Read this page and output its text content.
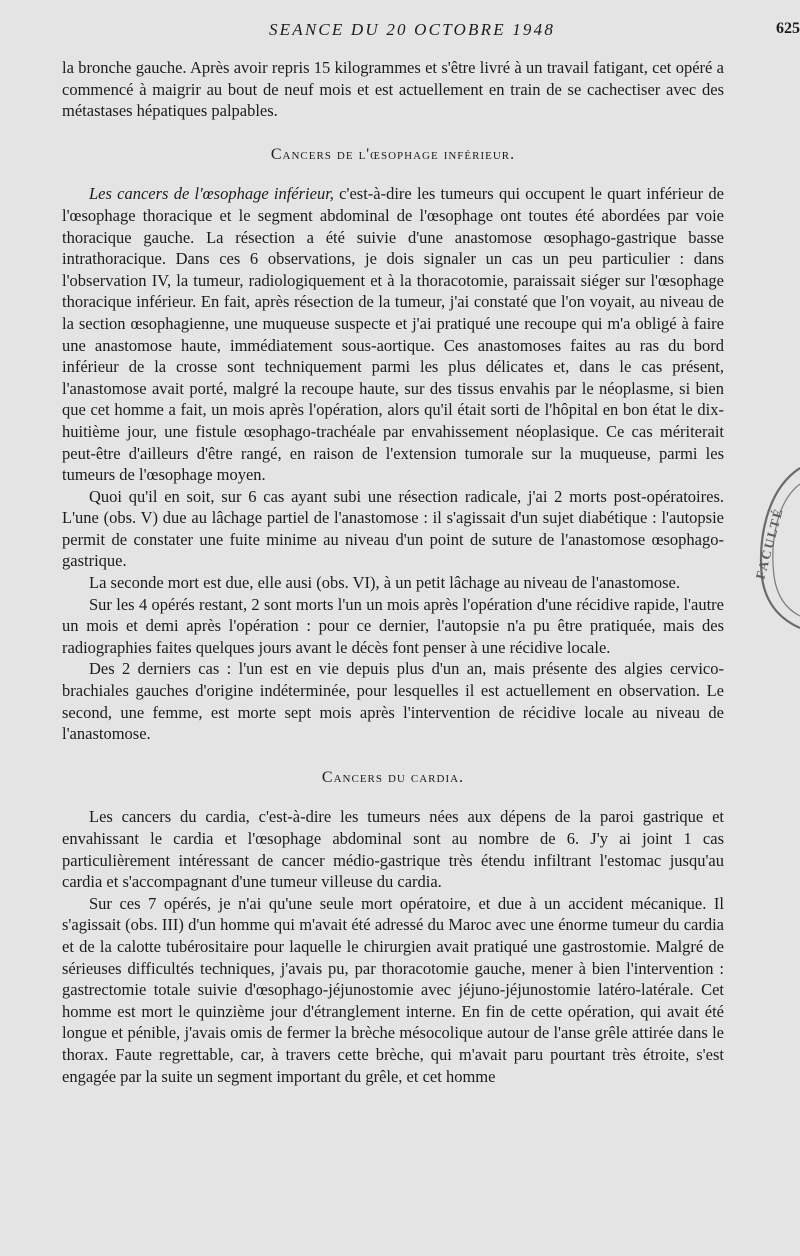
SEANCE DU 20 OCTOBRE 1948	625

la bronche gauche. Après avoir repris 15 kilogrammes et s'être livré à un travail fatigant, cet opéré a commencé à maigrir au bout de neuf mois et est actuellement en train de se cachectiser avec des métastases hépatiques palpables.

Cancers de l'œsophage inférieur.

Les cancers de l'œsophage inférieur, c'est-à-dire les tumeurs qui occupent le quart inférieur de l'œsophage thoracique et le segment abdominal de l'œsophage ont toutes été abordées par voie thoracique gauche. La résection a été suivie d'une anastomose œsophago-gastrique basse intrathoracique. Dans ces 6 observations, je dois signaler un cas un peu particulier : dans l'observation IV, la tumeur, radiologiquement et à la thoracotomie, paraissait siéger sur l'œsophage thoracique inférieur. En fait, après résection de la tumeur, j'ai constaté que l'on voyait, au niveau de la section œsophagienne, une muqueuse suspecte et j'ai pratiqué une recoupe qui m'a obligé à faire une anastomose haute, immédiatement sous-aortique. Ces anastomoses faites au ras du bord inférieur de la crosse sont techniquement parmi les plus délicates et, dans le cas présent, l'anastomose avait porté, malgré la recoupe haute, sur des tissus envahis par le néoplasme, si bien que cet homme a fait, un mois après l'opération, alors qu'il était sorti de l'hôpital en bon état le dix-huitième jour, une fistule œsophago-trachéale par envahissement néoplasique. Ce cas mériterait peut-être d'ailleurs d'être rangé, en raison de l'extension tumorale sur la muqueuse, parmi les tumeurs de l'œsophage moyen.

Quoi qu'il en soit, sur 6 cas ayant subi une résection radicale, j'ai 2 morts post-opératoires. L'une (obs. V) due au lâchage partiel de l'anastomose : il s'agissait d'un sujet diabétique : l'autopsie permit de constater une fuite minime au niveau d'un point de suture de l'anastomose œsophago-gastrique.

La seconde mort est due, elle ausi (obs. VI), à un petit lâchage au niveau de l'anastomose.

Sur les 4 opérés restant, 2 sont morts l'un un mois après l'opération d'une récidive rapide, l'autre un mois et demi après l'opération : pour ce dernier, l'autopsie n'a pu être pratiquée, mais des radiographies faites quelques jours avant le décès font penser à une récidive locale.

Des 2 derniers cas : l'un est en vie depuis plus d'un an, mais présente des algies cervico-brachiales gauches d'origine indéterminée, pour lesquelles il est actuellement en observation. Le second, une femme, est morte sept mois après l'intervention de récidive locale au niveau de l'anastomose.

Cancers du cardia.

Les cancers du cardia, c'est-à-dire les tumeurs nées aux dépens de la paroi gastrique et envahissant le cardia et l'œsophage abdominal sont au nombre de 6. J'y ai joint 1 cas particulièrement intéressant de cancer médio-gastrique très étendu infiltrant l'estomac jusqu'au cardia et s'accompagnant d'une tumeur villeuse du cardia.

Sur ces 7 opérés, je n'ai qu'une seule mort opératoire, et due à un accident mécanique. Il s'agissait (obs. III) d'un homme qui m'avait été adressé du Maroc avec une énorme tumeur du cardia et de la calotte tubérositaire pour laquelle le chirurgien avait pratiqué une gastrostomie. Malgré de sérieuses difficultés techniques, j'avais pu, par thoracotomie gauche, mener à bien l'intervention : gastrectomie totale suivie d'œsophago-jéjunostomie avec jéjuno-jéjunostomie latéro-latérale. Cet homme est mort le quinzième jour d'étranglement interne. En fin de cette opération, qui avait été longue et pénible, j'avais omis de fermer la brèche mésocolique autour de l'anse grêle attirée dans le thorax. Faute regrettable, car, à travers cette brèche, qui m'avait paru pourtant très étroite, s'est engagée par la suite un segment important du grêle, et cet homme

FACULTÉ
